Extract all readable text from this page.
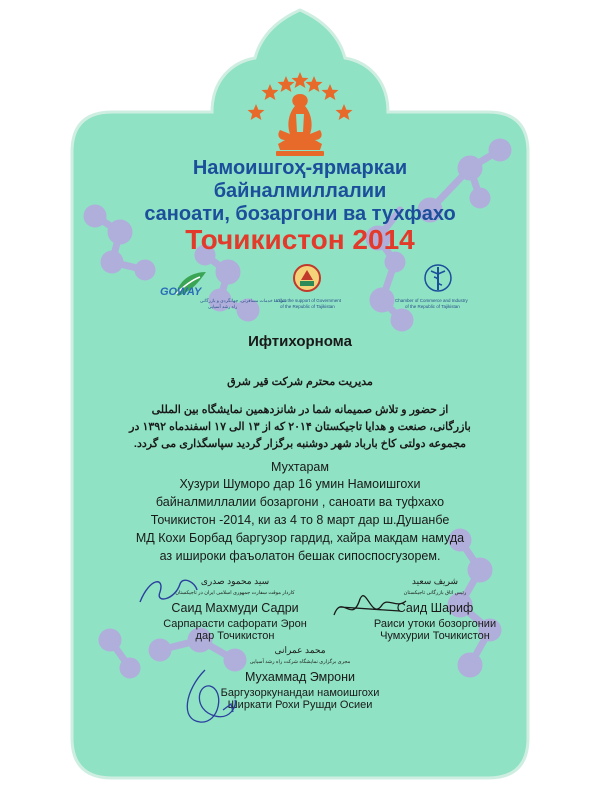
Намоишгоҳ-ярмаркаи
байналмиллалии
саноати, бозаргони ва тухфахо
Точикистон 2014
GOWAY
شرکت خدمات مسافرتی، جهانگردی و بازرگانی
راه رشد آسیایی
Under the support of Government
of the Republic of Tajikistan
Chamber of Commerce and Industry
of the Republic of Tajikistan
Ифтихорнома
مدیریت محترم شرکت قیر شرق
از حضور و تلاش صمیمانه شما در شانزدهمین نمایشگاه بین المللی
بازرگانی، صنعت و هدایا تاجیکستان ۲۰۱۴ که از ۱۳ الی ۱۷ اسفندماه ۱۳۹۲ در
مجموعه دولتی کاخ بارباد شهر دوشنبه برگزار گردید سپاسگذاری می گردد.
Мухтарам
Хузури Шуморо дар 16 умин Намоишгохи
байналмиллалии бозаргони , саноати ва туфхахо
Точикистон -2014, ки аз 4 то 8 март дар ш.Душанбе
МД Кохи Борбад баргузор гардид, хайра макдам намуда
аз иширoки фаъолатон бешак сипоспосгузорем.
سید محمود صدری
کاردار موقت سفارت جمهوری اسلامی ایران در تاجیکستان
Саид Махмуди Садри
Сарпарасти сафорати Эрон
дар Точикистон
شریف سعید
رئیس اتاق بازرگانی تاجیکستان
Саид Шариф
Раиси утоки бозоргонии
Чумхурии Точикистон
محمد عمرانی
مجری برگزاری نمایشگاه شرکت راه رشد آسیایی
Мухаммад Эмрони
Баргузоркунандаи намоишгохи
Ширкати Рохи Рушди Осиеи
